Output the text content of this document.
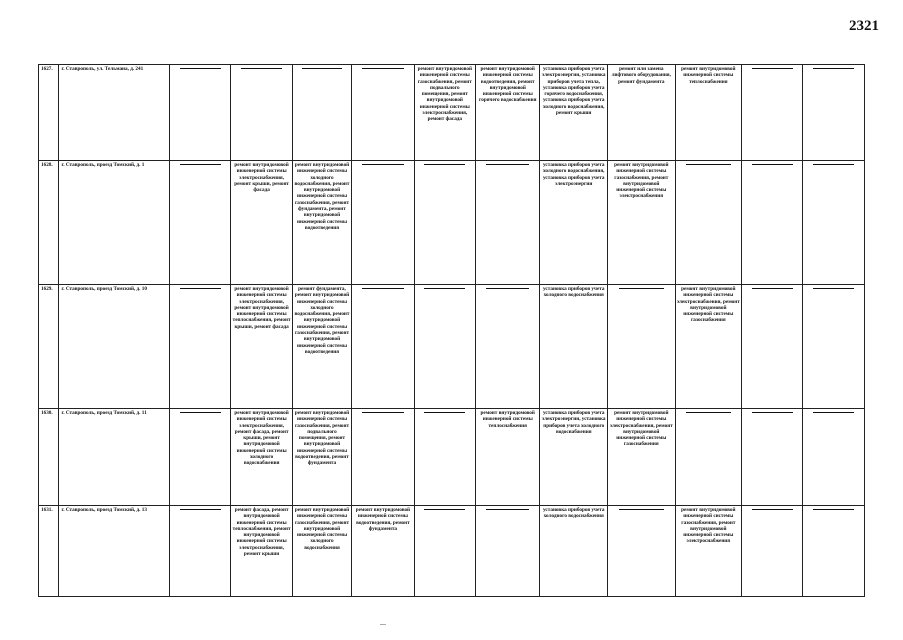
2321
1627.	г. Ставрополь, ул. Тельмана, д. 241					ремонт внутридомовой инженерной системы газоснабжения, ремонт подвального помещения, ремонт внутридомовой инженерной системы электроснабжения, ремонт фасада	ремонт внутридомовой инженерной системы водоотведения, ремонт внутридомовой инженерной системы горячего водоснабжения	установка приборов учета электроэнергии, установка приборов учета тепла, установка приборов учета горячего водоснабжения, установка приборов учета холодного водоснабжения, ремонт крыши	ремонт или замена лифтового оборудования, ремонт фундамента	ремонт внутридомовой инженерной системы теплоснабжения		

1628.	г. Ставрополь, проезд Томский, д. 1		ремонт внутридомовой инженерной системы электроснабжения, ремонт крыши, ремонт фасада	ремонт внутридомовой инженерной системы холодного водоснабжения, ремонт внутридомовой инженерной системы газоснабжения, ремонт фундамента, ремонт внутридомовой инженерной системы водоотведения				установка приборов учета холодного водоснабжения, установка приборов учета электроэнергии	ремонт внутридомовой инженерной системы газоснабжения, ремонт внутридомовой инженерной системы электроснабжения			

1629.	г. Ставрополь, проезд Томский, д. 10		ремонт внутридомовой инженерной системы электроснабжения, ремонт внутридомовой инженерной системы теплоснабжения, ремонт крыши, ремонт фасада	ремонт фундамента, ремонт внутридомовой инженерной системы холодного водоснабжения, ремонт внутридомовой инженерной системы газоснабжения, ремонт внутридомовой инженерной системы водоотведения				установка приборов учета холодного водоснабжения		ремонт внутридомовой инженерной системы электроснабжения, ремонт внутридомовой инженерной системы газоснабжения		

1630.	г. Ставрополь, проезд Томский, д. 11		ремонт внутридомовой инженерной системы электроснабжения, ремонт фасада, ремонт крыши, ремонт внутридомовой инженерной системы холодного водоснабжения	ремонт внутридомовой инженерной системы газоснабжения, ремонт подвального помещения, ремонт внутридомовой инженерной системы водоотведения, ремонт фундамента			ремонт внутридомовой инженерной системы теплоснабжения	установка приборов учета электроэнергии, установка приборов учета холодного водоснабжения	ремонт внутридомовой инженерной системы электроснабжения, ремонт внутридомовой инженерной системы газоснабжения			

1631.	г. Ставрополь, проезд Томский, д. 13		ремонт фасада, ремонт внутридомовой инженерной системы теплоснабжения, ремонт внутридомовой инженерной системы электроснабжения, ремонт крыши	ремонт внутридомовой инженерной системы газоснабжения, ремонт внутридомовой инженерной системы холодного водоснабжения	ремонт внутридомовой инженерной системы водоотведения, ремонт фундамента			установка приборов учета холодного водоснабжения		ремонт внутридомовой инженерной системы газоснабжения, ремонт внутридомовой инженерной системы электроснабжения		
